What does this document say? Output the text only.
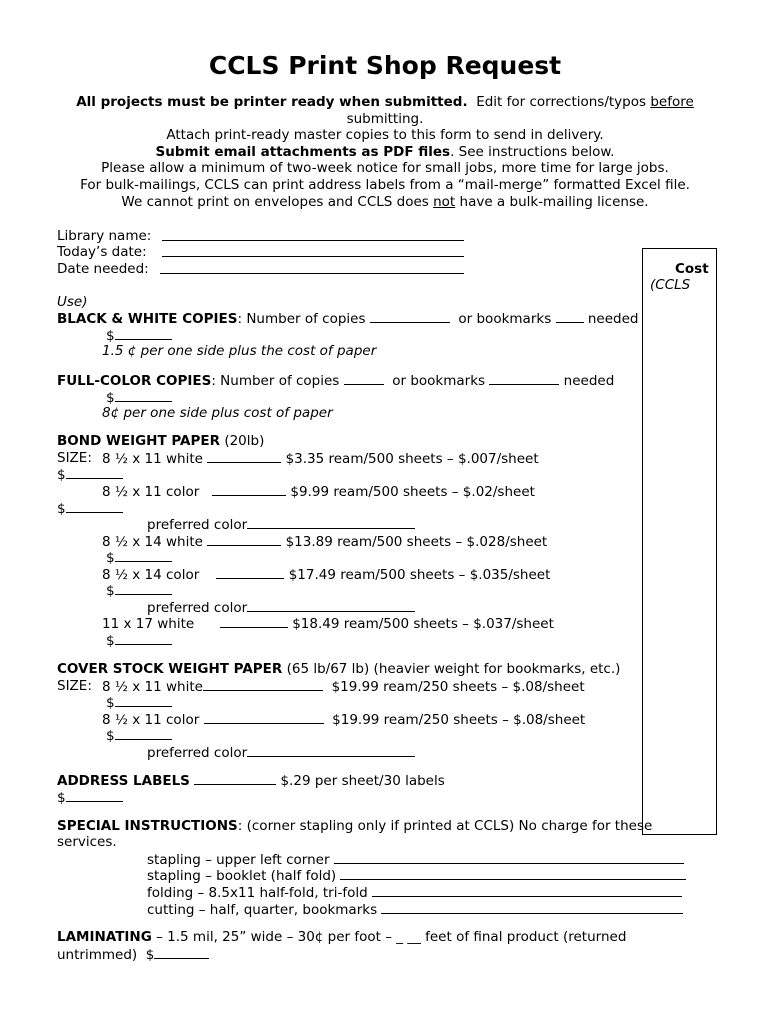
CCLS Print Shop Request
All projects must be printer ready when submitted. Edit for corrections/typos before
submitting.
Attach print-ready master copies to this form to send in delivery.
Submit email attachments as PDF files. See instructions below.
Please allow a minimum of two-week notice for small jobs, more time for large jobs.
For bulk-mailings, CCLS can print address labels from a “mail-merge” formatted Excel file.
We cannot print on envelopes and CCLS does not have a bulk-mailing license.
Library name:
Today’s date:
Date needed:	Cost
(CCLS
Use)
BLACK & WHITE COPIES: Number of copies	or bookmarks	needed
$
1.5 ¢ per one side plus the cost of paper
FULL-COLOR COPIES: Number of copies	or bookmarks	needed
$
8¢ per one side plus cost of paper
BOND WEIGHT PAPER (20lb)
SIZE: 8 ½ x 11 white	$3.35 ream/500 sheets – $.007/sheet
$
8 ½ x 11 color	$9.99 ream/500 sheets – $.02/sheet
$
preferred color
8 ½ x 14 white	$13.89 ream/500 sheets – $.028/sheet
$
8 ½ x 14 color	$17.49 ream/500 sheets – $.035/sheet
$
preferred color
11 x 17 white	$18.49 ream/500 sheets – $.037/sheet
$
COVER STOCK WEIGHT PAPER (65 lb/67 lb) (heavier weight for bookmarks, etc.)
SIZE: 8 ½ x 11 white	$19.99 ream/250 sheets – $.08/sheet
$
8 ½ x 11 color	$19.99 ream/250 sheets – $.08/sheet
$
preferred color
ADDRESS LABELS	$.29 per sheet/30 labels
$
SPECIAL INSTRUCTIONS: (corner stapling only if printed at CCLS) No charge for these
services.
stapling – upper left corner
stapling – booklet (half fold)
folding – 8.5x11 half-fold, tri-fold
cutting – half, quarter, bookmarks
LAMINATING – 1.5 mil, 25” wide – 30¢ per foot – _ __ feet of final product (returned
untrimmed) $
